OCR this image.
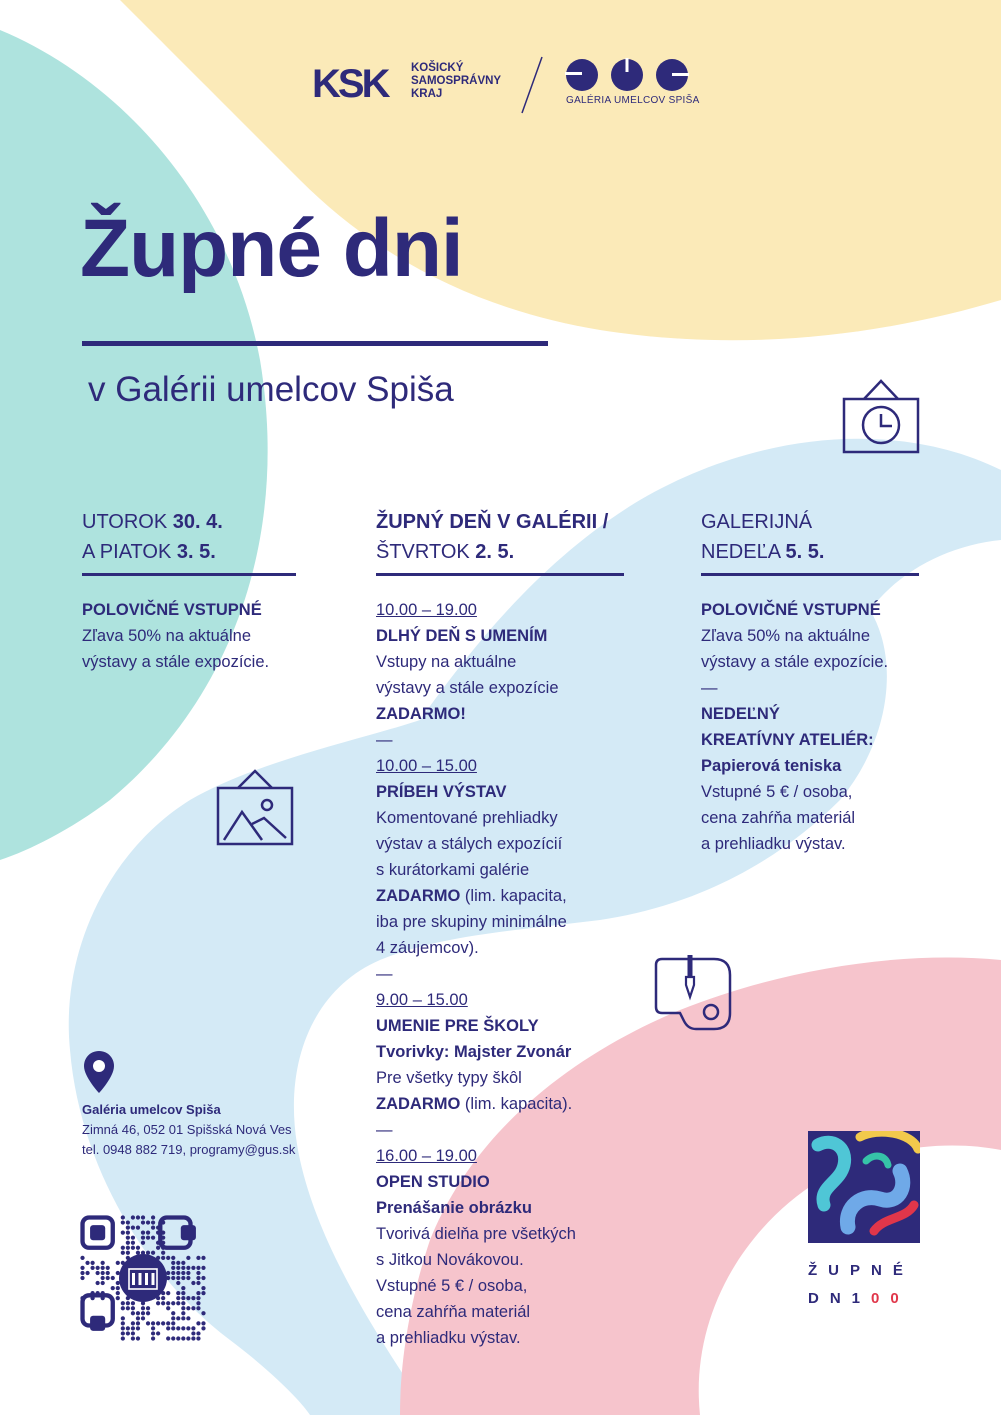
KSK KOŠICKÝ
SAMOSPRÁVNY
KRAJ
GALÉRIA UMELCOV SPIŠA
Župné dni
v Galérii umelcov Spiša
UTOROK 30. 4.
A PIATOK 3. 5.
POLOVIČNÉ VSTUPNÉ
Zľava 50% na aktuálne
výstavy a stále expozície.
ŽUPNÝ DEŇ V GALÉRII /
ŠTVRTOK 2. 5.
10.00 – 19.00
DLHÝ DEŇ S UMENÍM
Vstupy na aktuálne
výstavy a stále expozície
ZADARMO!
—
10.00 – 15.00
PRÍBEH VÝSTAV
Komentované prehliadky
výstav a stálych expozícií
s kurátorkami galérie
ZADARMO (lim. kapacita,
iba pre skupiny minimálne
4 záujemcov).
—
9.00 – 15.00
UMENIE PRE ŠKOLY
Tvorivky: Majster Zvonár
Pre všetky typy škôl
ZADARMO (lim. kapacita).
—
16.00 – 19.00
OPEN STUDIO
Prenášanie obrázku
Tvorivá dielňa pre všetkých
s Jitkou Novákovou.
Vstupné 5 € / osoba,
cena zahŕňa materiál
a prehliadku výstav.
GALERIJNÁ
NEDEĽA 5. 5.
POLOVIČNÉ VSTUPNÉ
Zľava 50% na aktuálne
výstavy a stále expozície.
—
NEDEĽNÝ
KREATÍVNY ATELIÉR:
Papierová teniska
Vstupné 5 € / osoba,
cena zahŕňa materiál
a prehliadku výstav.
Galéria umelcov Spiša
Zimná 46, 052 01 Spišská Nová Ves
tel. 0948 882 719, programy@gus.sk
ŽUPNÉ
DN100
